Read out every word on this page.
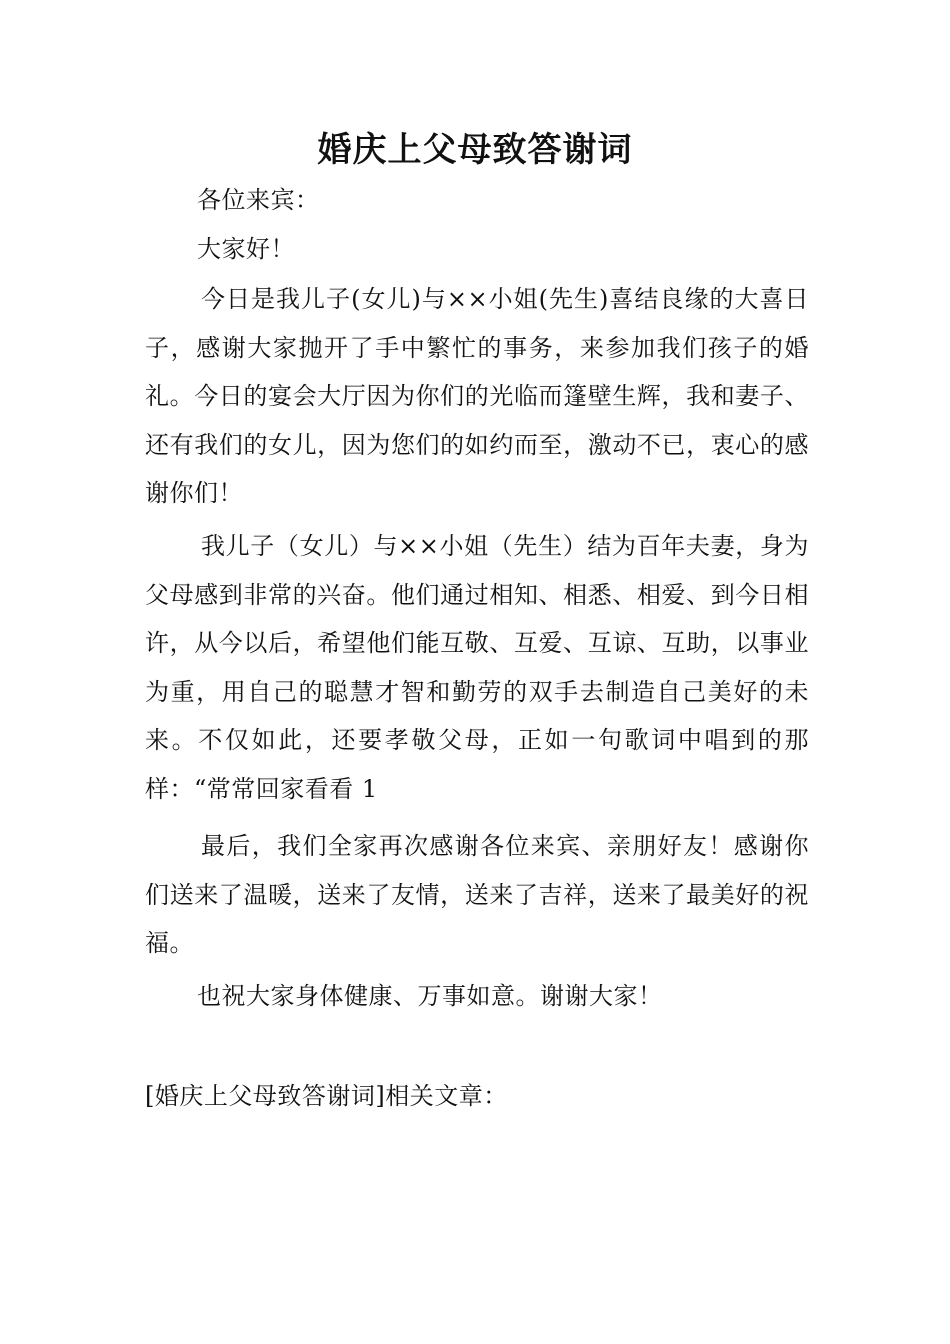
婚庆上父母致答谢词

各位来宾：

大家好！

今日是我儿子(女儿)与××小姐(先生)喜结良缘的大喜日子，感谢大家抛开了手中繁忙的事务，来参加我们孩子的婚礼。今日的宴会大厅因为你们的光临而篷壁生辉，我和妻子、还有我们的女儿，因为您们的如约而至，激动不已，衷心的感谢你们！

我儿子（女儿）与××小姐（先生）结为百年夫妻，身为父母感到非常的兴奋。他们通过相知、相悉、相爱、到今日相许，从今以后，希望他们能互敬、互爱、互谅、互助，以事业为重，用自己的聪慧才智和勤劳的双手去制造自己美好的未来。不仅如此，还要孝敬父母，正如一句歌词中唱到的那样：“常常回家看看 1

最后，我们全家再次感谢各位来宾、亲朋好友！感谢你们送来了温暖，送来了友情，送来了吉祥，送来了最美好的祝福。

也祝大家身体健康、万事如意。谢谢大家！

[婚庆上父母致答谢词]相关文章：
